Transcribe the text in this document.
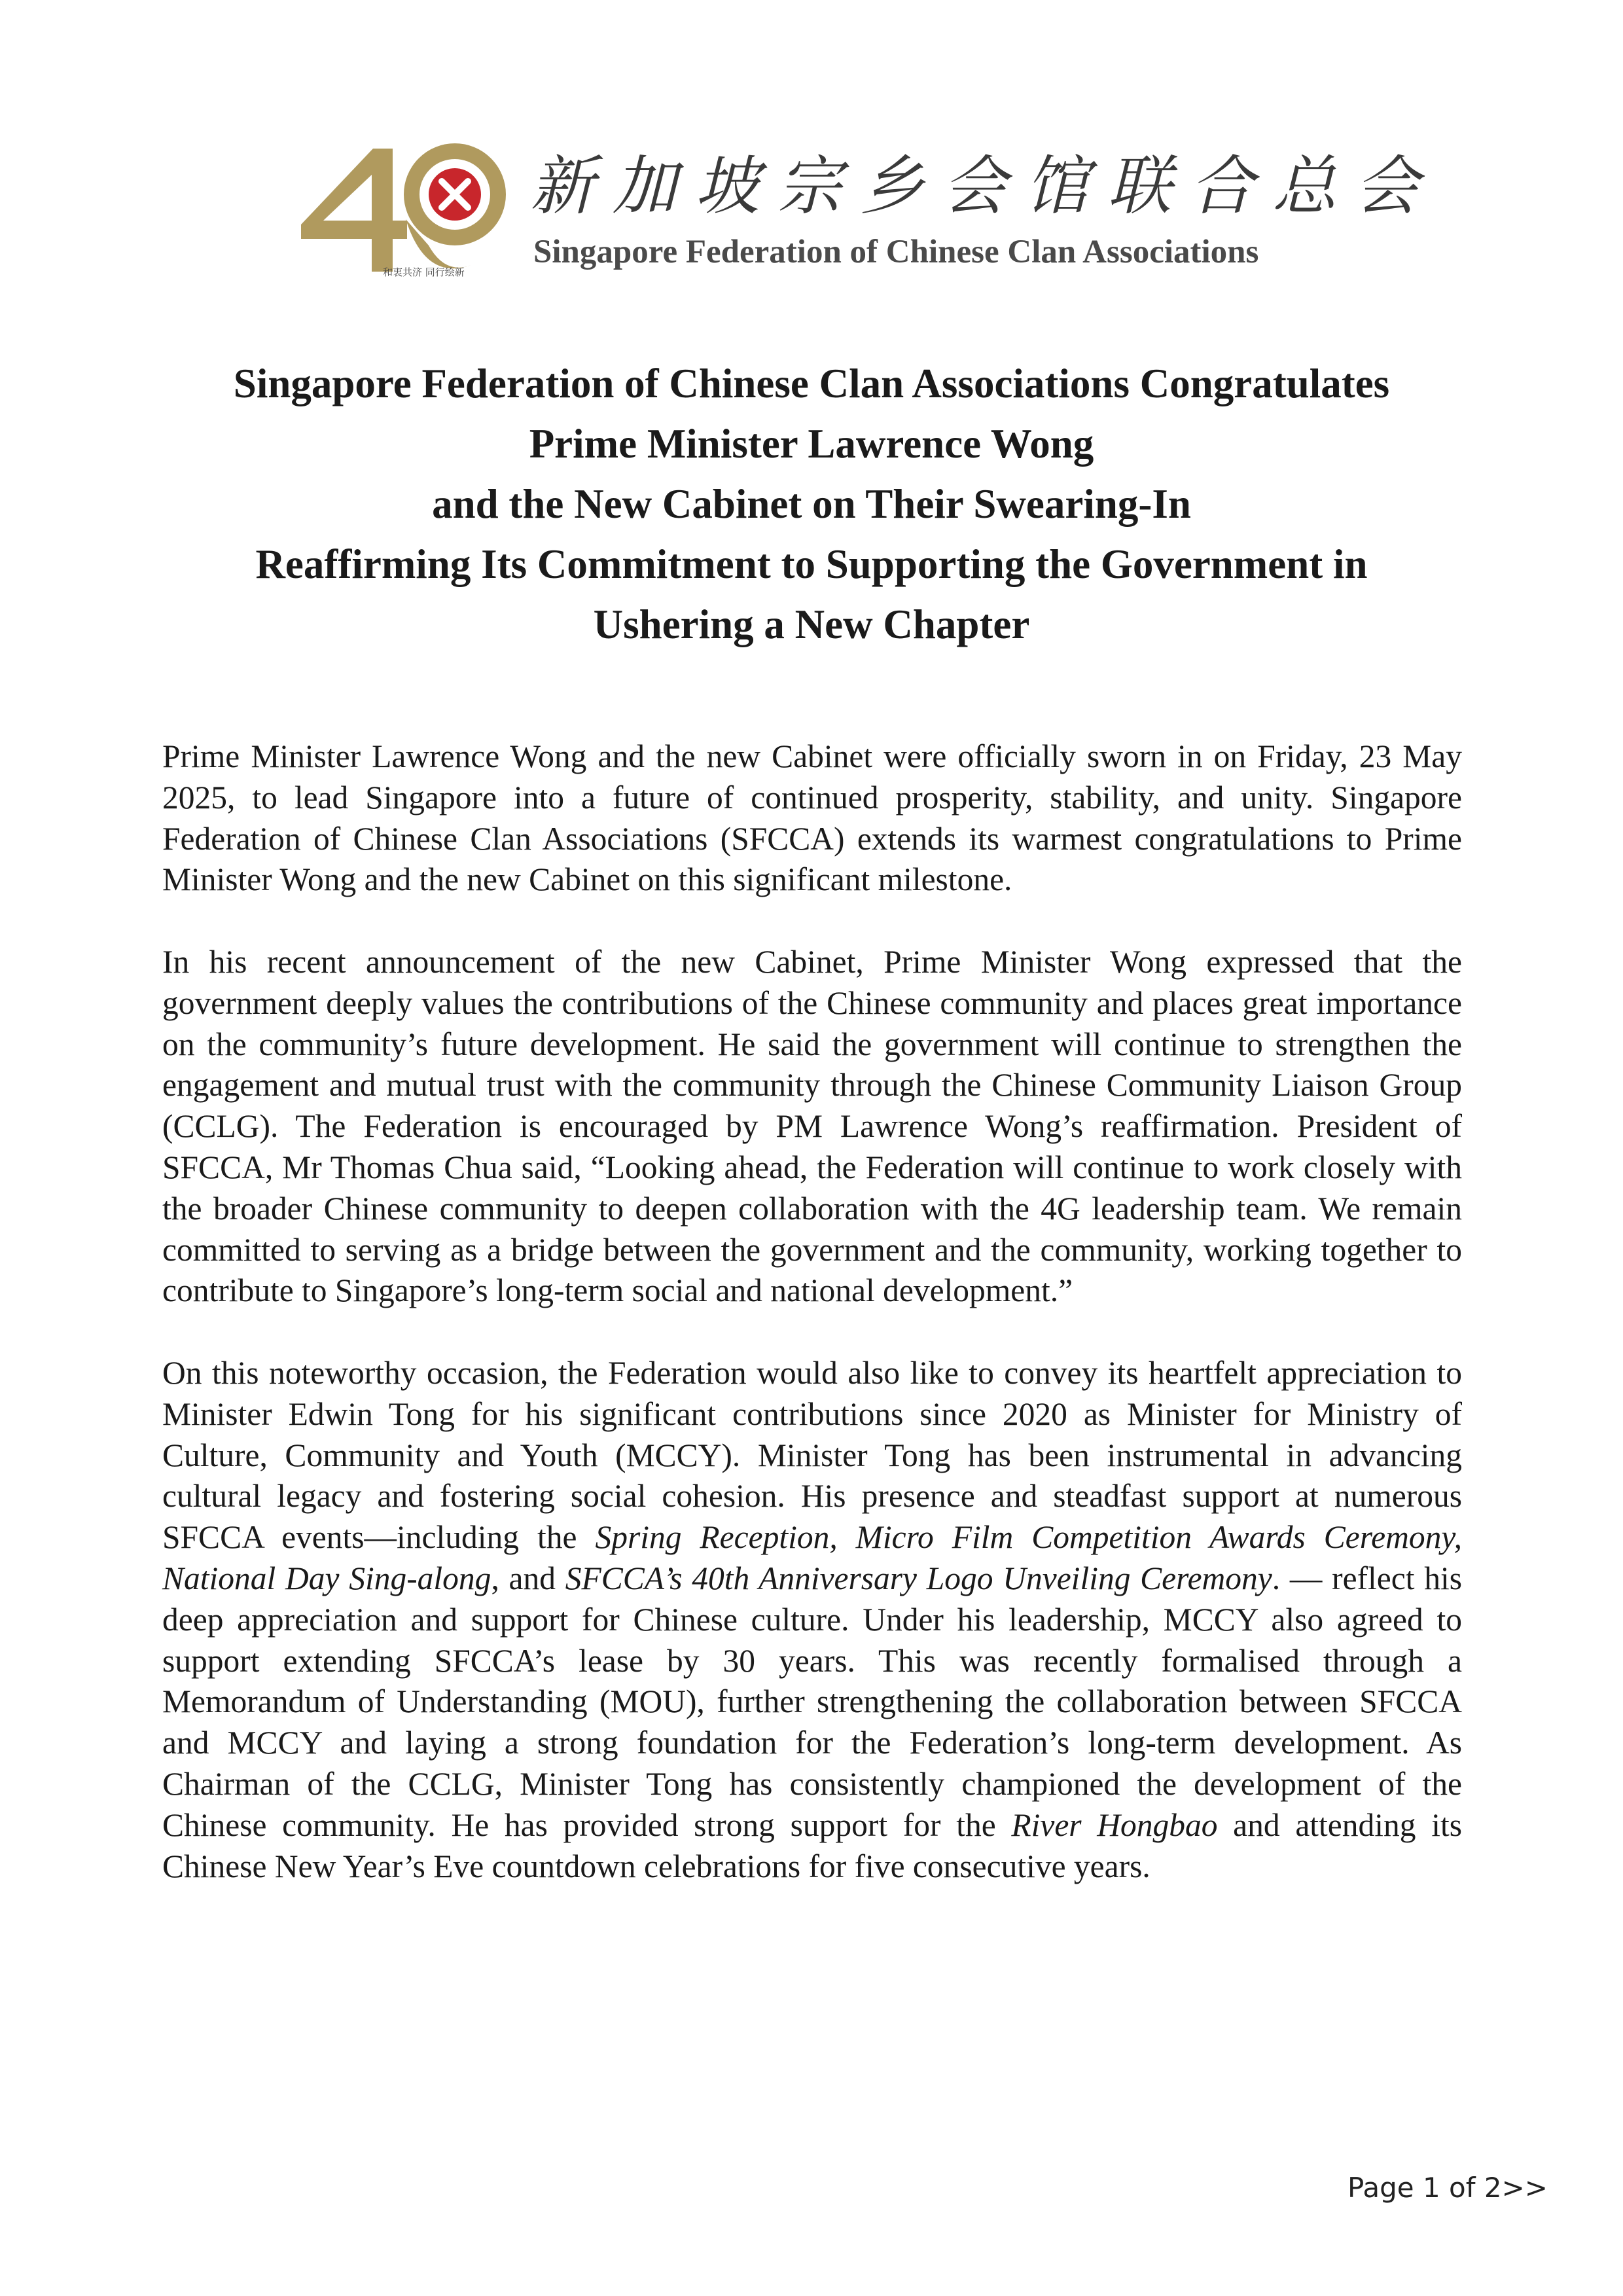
和衷共济 同行绘新
新加坡宗乡会馆联合总会
Singapore Federation of Chinese Clan Associations
Singapore Federation of Chinese Clan Associations Congratulates
Prime Minister Lawrence Wong
and the New Cabinet on Their Swearing-In
Reaffirming Its Commitment to Supporting the Government in
Ushering a New Chapter

Prime Minister Lawrence Wong and the new Cabinet were officially sworn in on Friday, 23 May 2025, to lead Singapore into a future of continued prosperity, stability, and unity. Singapore Federation of Chinese Clan Associations (SFCCA) extends its warmest congratulations to Prime Minister Wong and the new Cabinet on this significant milestone.

In his recent announcement of the new Cabinet, Prime Minister Wong expressed that the government deeply values the contributions of the Chinese community and places great importance on the community’s future development. He said the government will continue to strengthen the engagement and mutual trust with the community through the Chinese Community Liaison Group (CCLG). The Federation is encouraged by PM Lawrence Wong’s reaffirmation. President of SFCCA, Mr Thomas Chua said, “Looking ahead, the Federation will continue to work closely with the broader Chinese community to deepen collaboration with the 4G leadership team. We remain committed to serving as a bridge between the government and the community, working together to contribute to Singapore’s long-term social and national development.”

On this noteworthy occasion, the Federation would also like to convey its heartfelt appreciation to Minister Edwin Tong for his significant contributions since 2020 as Minister for Ministry of Culture, Community and Youth (MCCY). Minister Tong has been instrumental in advancing cultural legacy and fostering social cohesion. His presence and steadfast support at numerous SFCCA events—including the Spring Reception, Micro Film Competition Awards Ceremony, National Day Sing-along, and SFCCA’s 40th Anniversary Logo Unveiling Ceremony. — reflect his deep appreciation and support for Chinese culture. Under his leadership, MCCY also agreed to support extending SFCCA’s lease by 30 years. This was recently formalised through a Memorandum of Understanding (MOU), further strengthening the collaboration between SFCCA and MCCY and laying a strong foundation for the Federation’s long-term development. As Chairman of the CCLG, Minister Tong has consistently championed the development of the Chinese community. He has provided strong support for the River Hongbao and attending its Chinese New Year’s Eve countdown celebrations for five consecutive years.

Page 1 of 2>>
